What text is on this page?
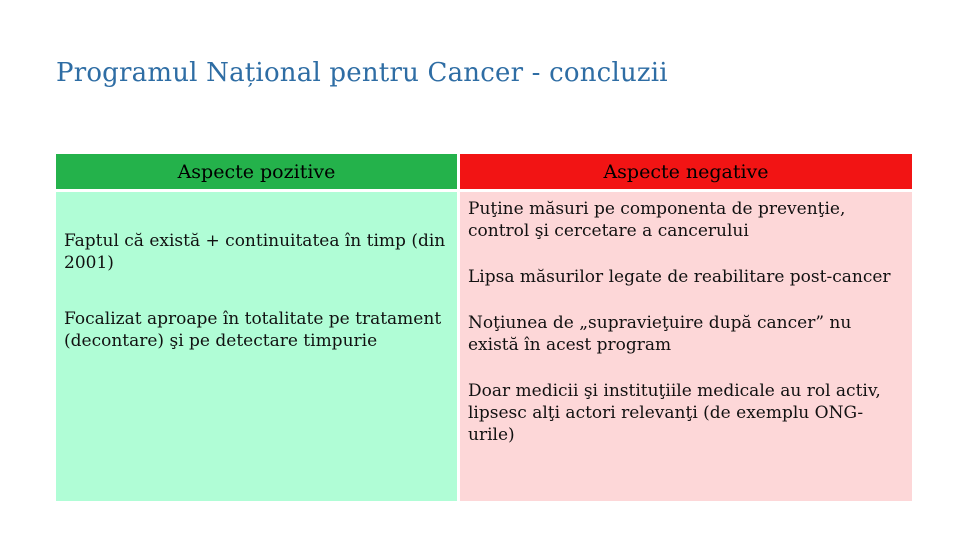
Programul Național pentru Cancer - concluzii
Aspecte pozitive	Aspecte negative

Faptul că există + continuitatea în timp (din 2001)

Focalizat aproape în totalitate pe tratament (decontare) şi pe detectare timpurie

Puţine măsuri pe componenta de prevenţie, control şi cercetare a cancerului

Lipsa măsurilor legate de reabilitare post-cancer

Noţiunea de „supravieţuire după cancer” nu există în acest program

Doar medicii şi instituţiile medicale au rol activ, lipsesc alţi actori relevanţi (de exemplu ONG-urile)
